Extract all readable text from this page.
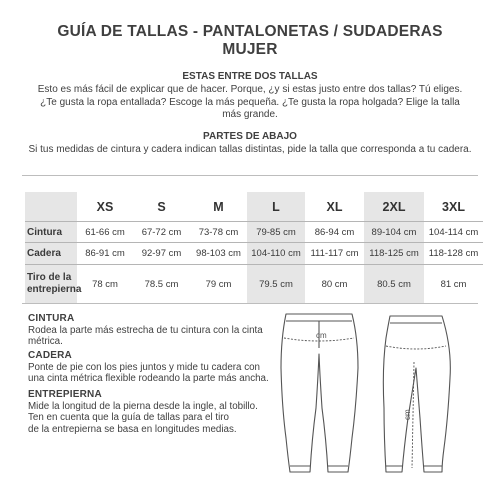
GUÍA DE TALLAS - PANTALONETAS / SUDADERAS
MUJER
ESTAS ENTRE DOS TALLAS
Esto es más fácil de explicar que de hacer. Porque, ¿y si estas justo entre dos tallas? Tú eliges.
¿Te gusta la ropa entallada? Escoge la más pequeña. ¿Te gusta la ropa holgada? Elige la talla
más grande.
PARTES DE ABAJO
Si tus medidas de cintura y cadera indican tallas distintas, pide la talla que corresponda a tu cadera.
	XS	S	M	L	XL	2XL	3XL
Cintura	61-66 cm	67-72 cm	73-78 cm	79-85 cm	86-94 cm	89-104 cm	104-114 cm
Cadera	86-91 cm	92-97 cm	98-103 cm	104-110 cm	111-117 cm	118-125 cm	118-128 cm
Tiro de la
entrepierna	78 cm	78.5 cm	79 cm	79.5 cm	80 cm	80.5 cm	81 cm
CINTURA
Rodea la parte más estrecha de tu cintura con la cinta
métrica.
CADERA
Ponte de pie con los pies juntos y mide tu cadera con
una cinta métrica flexible rodeando la parte más ancha.
ENTREPIERNA
Mide la longitud de la pierna desde la ingle, al tobillo.
Ten en cuenta que la guía de tallas para el tiro
de la entrepierna se basa en longitudes medias.
cm
cm
